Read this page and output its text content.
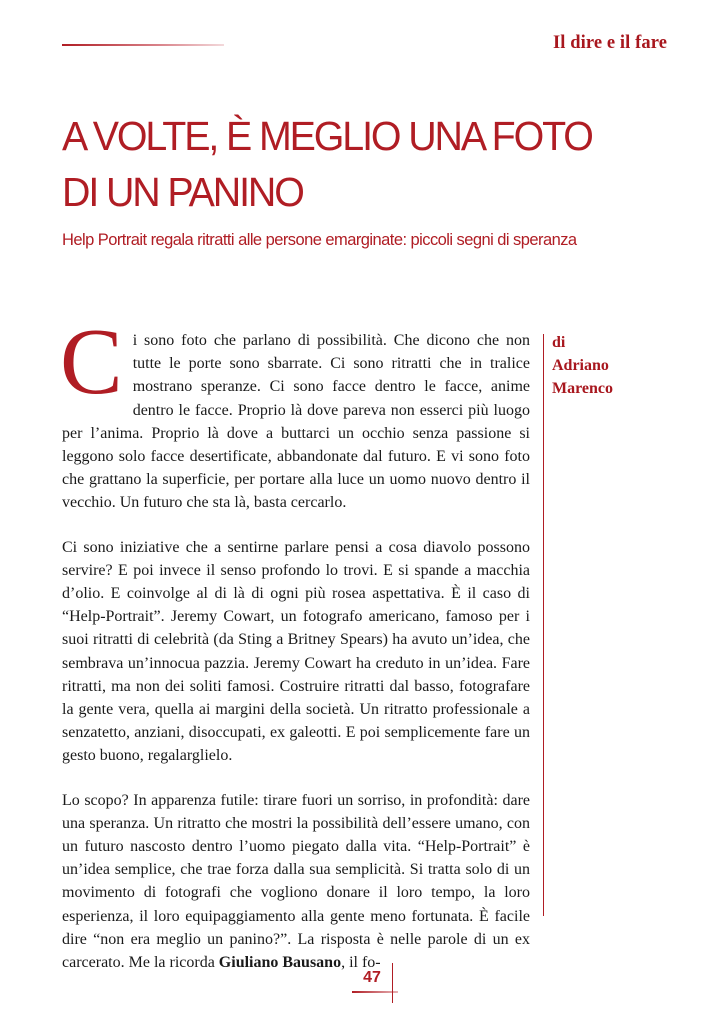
Il dire e il fare
A VOLTE, È MEGLIO UNA FOTO
DI UN PANINO
Help Portrait regala ritratti alle persone emarginate: piccoli segni di speranza

Ci sono foto che parlano di possibilità. Che dicono che non tutte le porte sono sbarrate. Ci sono ritratti che in tralice mostrano speranze. Ci sono facce dentro le facce, anime dentro le facce. Proprio là dove pareva non esserci più luogo per l’anima. Proprio là dove a buttarci un occhio senza passione si leggono solo facce desertificate, abbandonate dal futuro. E vi sono foto che grattano la superficie, per portare alla luce un uomo nuovo dentro il vecchio. Un futuro che sta là, basta cercarlo.

Ci sono iniziative che a sentirne parlare pensi a cosa diavolo possono servire? E poi invece il senso profondo lo trovi. E si spande a macchia d’olio. E coinvolge al di là di ogni più rosea aspettativa. È il caso di “Help-Portrait”. Jeremy Cowart, un fotografo americano, famoso per i suoi ritratti di celebrità (da Sting a Britney Spears) ha avuto un’idea, che sembrava un’innocua pazzia. Jeremy Cowart ha creduto in un’idea. Fare ritratti, ma non dei soliti famosi. Costruire ritratti dal basso, fotografare la gente vera, quella ai margini della società. Un ritratto professionale a senzatetto, anziani, disoccupati, ex galeotti. E poi semplicemente fare un gesto buono, regalarglielo.

Lo scopo? In apparenza futile: tirare fuori un sorriso, in profondità: dare una speranza. Un ritratto che mostri la possibilità dell’essere umano, con un futuro nascosto dentro l’uomo piegato dalla vita. “Help-Portrait” è un’idea semplice, che trae forza dalla sua semplicità. Si tratta solo di un movimento di fotografi che vogliono donare il loro tempo, la loro esperienza, il loro equipaggiamento alla gente meno fortunata. È facile dire “non era meglio un panino?”. La risposta è nelle parole di un ex carcerato. Me la ricorda Giuliano Bausano, il fo-

di
Adriano
Marenco
47
